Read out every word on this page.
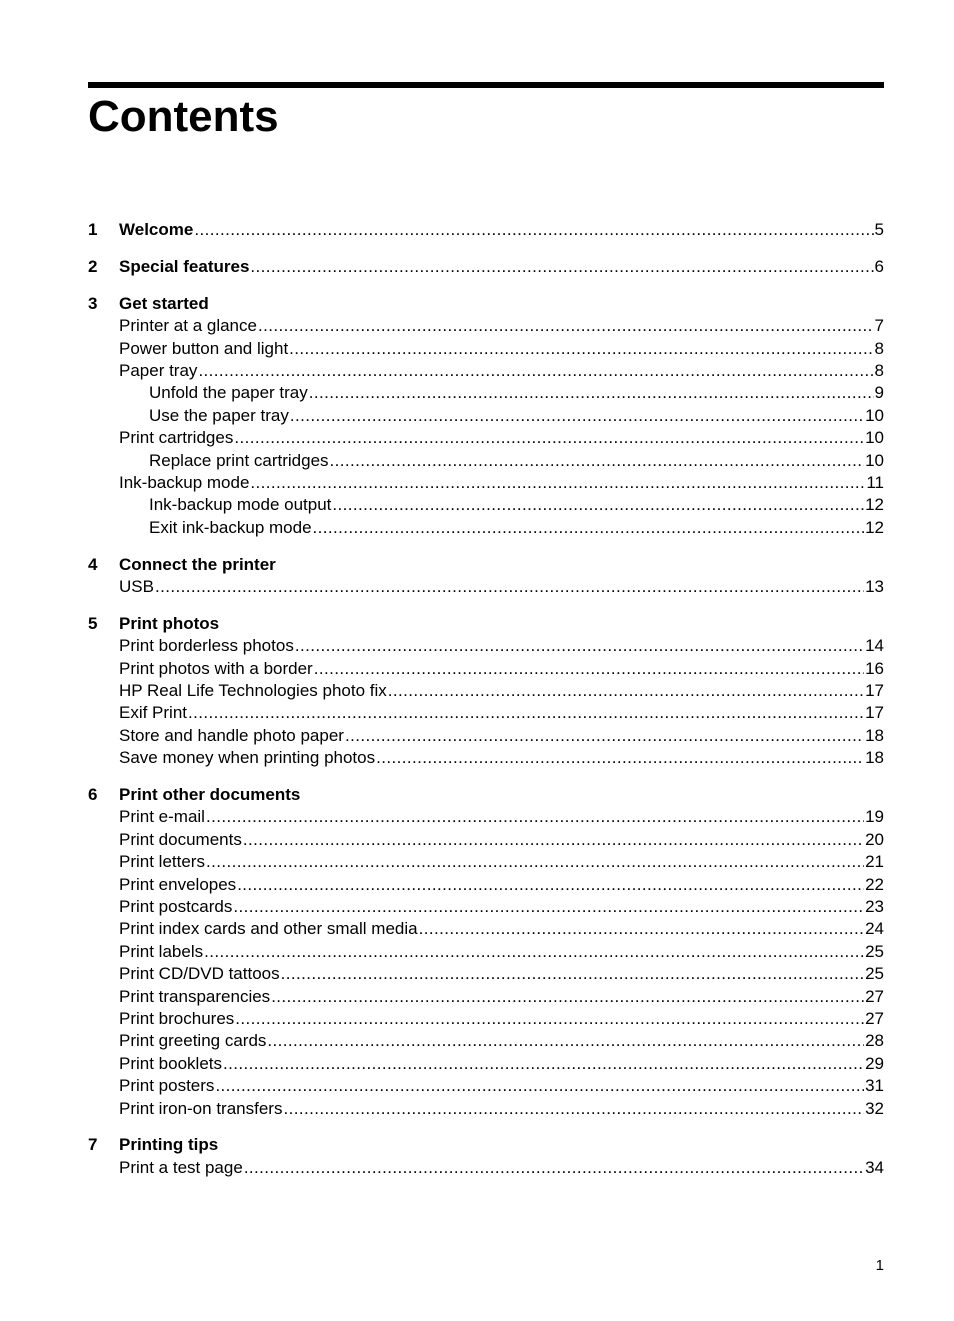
Contents
1	Welcome .....	5
2	Special features .....	6
3	Get started
Printer at a glance .....	7
Power button and light .....	8
Paper tray .....	8
Unfold the paper tray .....	9
Use the paper tray .....	10
Print cartridges .....	10
Replace print cartridges .....	10
Ink-backup mode .....	11
Ink-backup mode output .....	12
Exit ink-backup mode .....	12
4	Connect the printer
USB .....	13
5	Print photos
Print borderless photos .....	14
Print photos with a border .....	16
HP Real Life Technologies photo fix .....	17
Exif Print .....	17
Store and handle photo paper .....	18
Save money when printing photos .....	18
6	Print other documents
Print e-mail .....	19
Print documents .....	20
Print letters .....	21
Print envelopes .....	22
Print postcards .....	23
Print index cards and other small media .....	24
Print labels .....	25
Print CD/DVD tattoos .....	25
Print transparencies .....	27
Print brochures .....	27
Print greeting cards .....	28
Print booklets .....	29
Print posters .....	31
Print iron-on transfers .....	32
7	Printing tips
Print a test page .....	34
1
